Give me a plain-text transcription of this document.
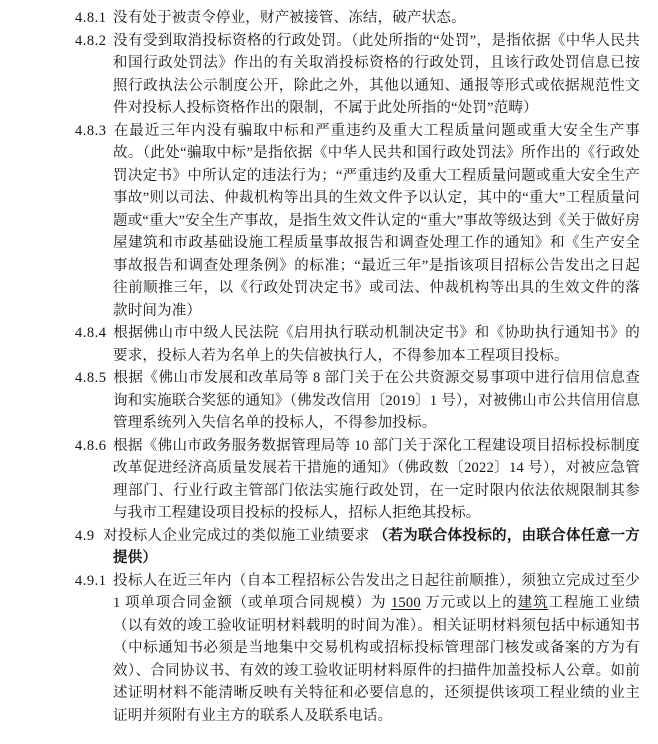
4.8.1 没有处于被责令停业，财产被接管、冻结，破产状态。

4.8.2 没有受到取消投标资格的行政处罚。（此处所指的“处罚”，是指依据《中华人民共和国行政处罚法》作出的有关取消投标资格的行政处罚，且该行政处罚信息已按照行政执法公示制度公开，除此之外，其他以通知、通报等形式或依据规范性文件对投标人投标资格作出的限制，不属于此处所指的“处罚”范畴）

4.8.3 在最近三年内没有骗取中标和严重违约及重大工程质量问题或重大安全生产事故。（此处“骗取中标”是指依据《中华人民共和国行政处罚法》所作出的《行政处罚决定书》中所认定的违法行为；“严重违约及重大工程质量问题或重大安全生产事故”则以司法、仲裁机构等出具的生效文件予以认定，其中的“重大”工程质量问题或“重大”安全生产事故，是指生效文件认定的“重大”事故等级达到《关于做好房屋建筑和市政基础设施工程质量事故报告和调查处理工作的通知》和《生产安全事故报告和调查处理条例》的标准；“最近三年”是指该项目招标公告发出之日起往前顺推三年，以《行政处罚决定书》或司法、仲裁机构等出具的生效文件的落款时间为准）

4.8.4 根据佛山市中级人民法院《启用执行联动机制决定书》和《协助执行通知书》的要求，投标人若为名单上的失信被执行人，不得参加本工程项目投标。

4.8.5 根据《佛山市发展和改革局等 8 部门关于在公共资源交易事项中进行信用信息查询和实施联合奖惩的通知》（佛发改信用〔2019〕1 号），对被佛山市公共信用信息管理系统列入失信名单的投标人，不得参加投标。

4.8.6 根据《佛山市政务服务数据管理局等 10 部门关于深化工程建设项目招标投标制度改革促进经济高质量发展若干措施的通知》（佛政数〔2022〕14 号），对被应急管理部门、行业行政主管部门依法实施行政处罚，在一定时限内依法依规限制其参与我市工程建设项目投标的投标人，招标人拒绝其投标。

4.9 对投标人企业完成过的类似施工业绩要求 （若为联合体投标的，由联合体任意一方提供）

4.9.1 投标人在近三年内（自本工程招标公告发出之日起往前顺推），须独立完成过至少 1 项单项合同金额（或单项合同规模）为 1500 万元或以上的建筑工程施工业绩（以有效的竣工验收证明材料载明的时间为准）。相关证明材料须包括中标通知书（中标通知书必须是当地集中交易机构或招标投标管理部门核发或备案的方为有效）、合同协议书、有效的竣工验收证明材料原件的扫描件加盖投标人公章。如前述证明材料不能清晰反映有关特征和必要信息的，还须提供该项工程业绩的业主证明并须附有业主方的联系人及联系电话。
